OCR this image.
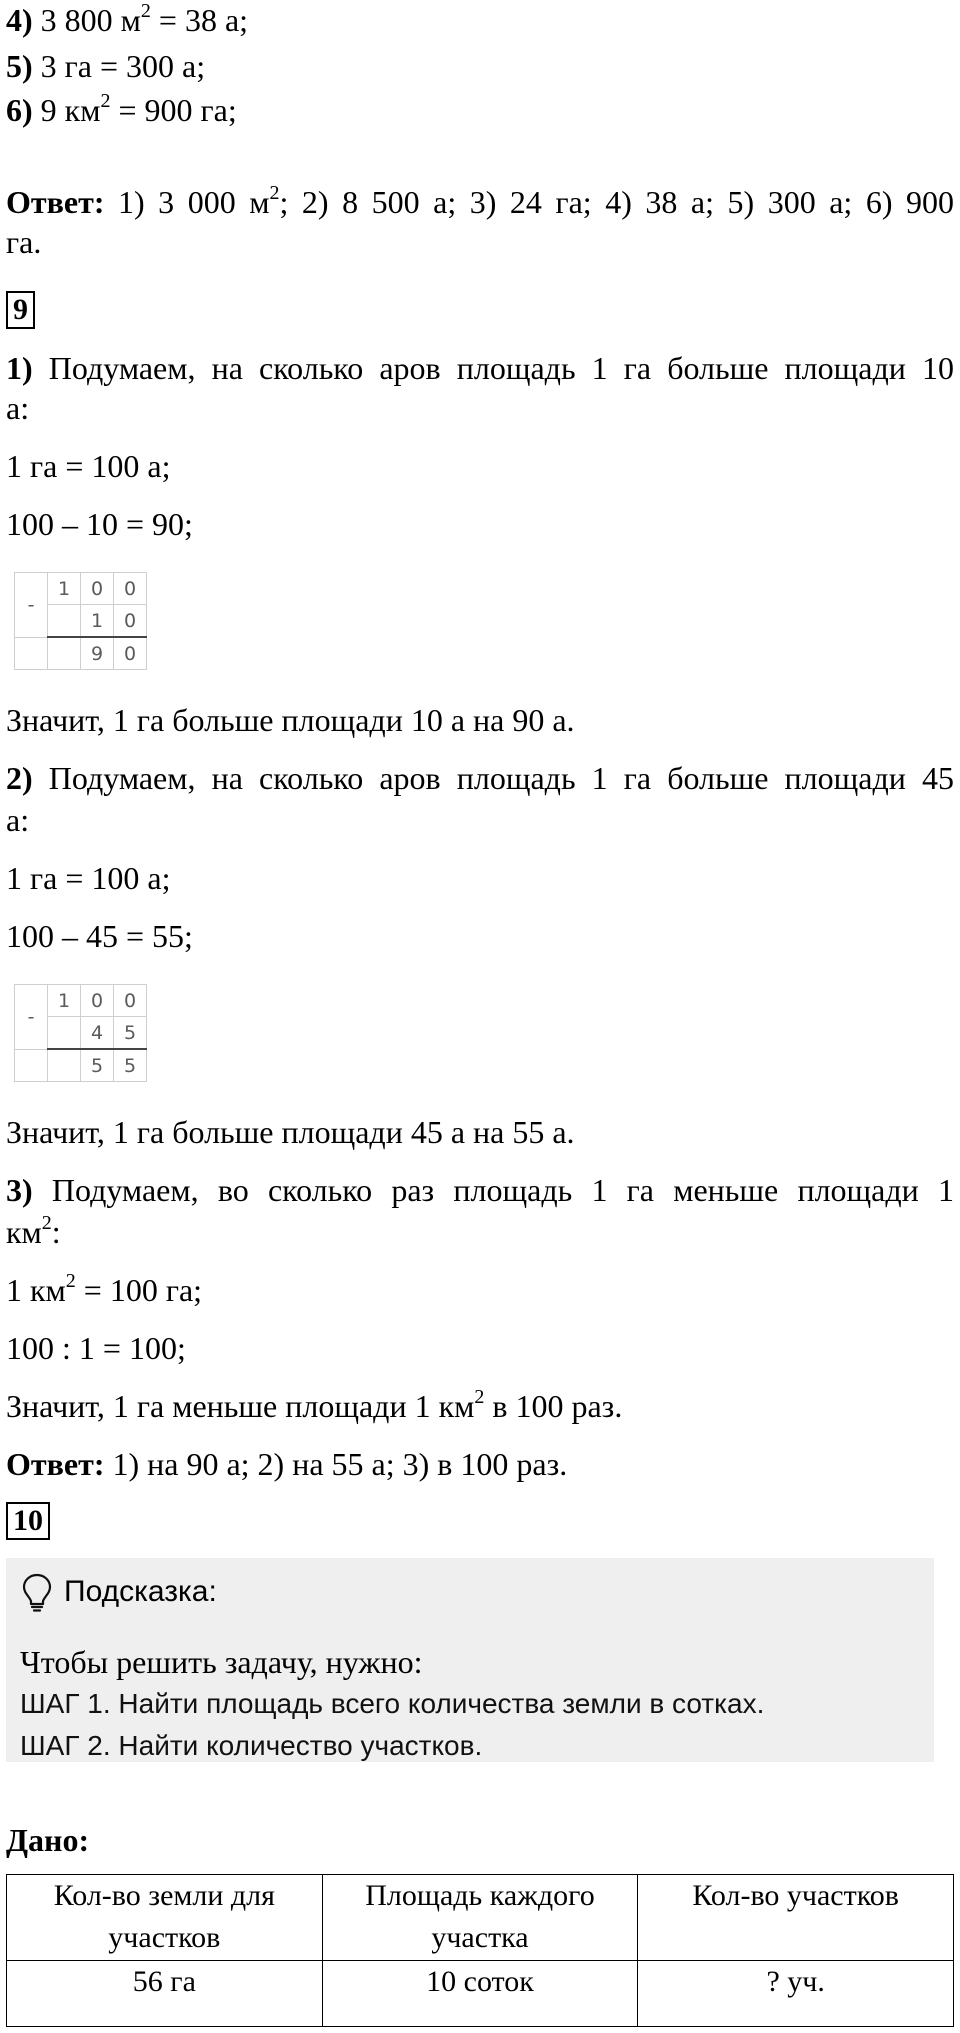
4) 3 800 $м^2 = 38$ а;
5) 3 га = 300 а;
6) 9 $км^2 = 900$ га;
Ответ: 1) 3 000 $м^2$; 2) 8 500 а; 3) 24 га; 4) 38 а; 5) 300 а; 6) 900
га.
9
1) Подумаем, на сколько аров площадь 1 га больше площади 10
а:
1 га = 100 а;
100 – 10 = 90;
-	1	0	0
		1	0
		9	0
Значит, 1 га больше площади 10 а на 90 а.
2) Подумаем, на сколько аров площадь 1 га больше площади 45
а:
1 га = 100 а;
100 – 45 = 55;
-	1	0	0
		4	5
		5	5
Значит, 1 га больше площади 45 а на 55 а.
3) Подумаем, во сколько раз площадь 1 га меньше площади 1
$км^2$:
1 $км^2 = 100$ га;
100 : 1 = 100;
Значит, 1 га меньше площади 1 $км^2$ в 100 раз.
Ответ: 1) на 90 а; 2) на 55 а; 3) в 100 раз.
10
Подсказка:
Чтобы решить задачу, нужно:
ШАГ 1. Найти площадь всего количества земли в сотках.
ШАГ 2. Найти количество участков.
Дано:
Кол-во земли для участков	Площадь каждого участка	Кол-во участков
56 га	10 соток	? уч.
